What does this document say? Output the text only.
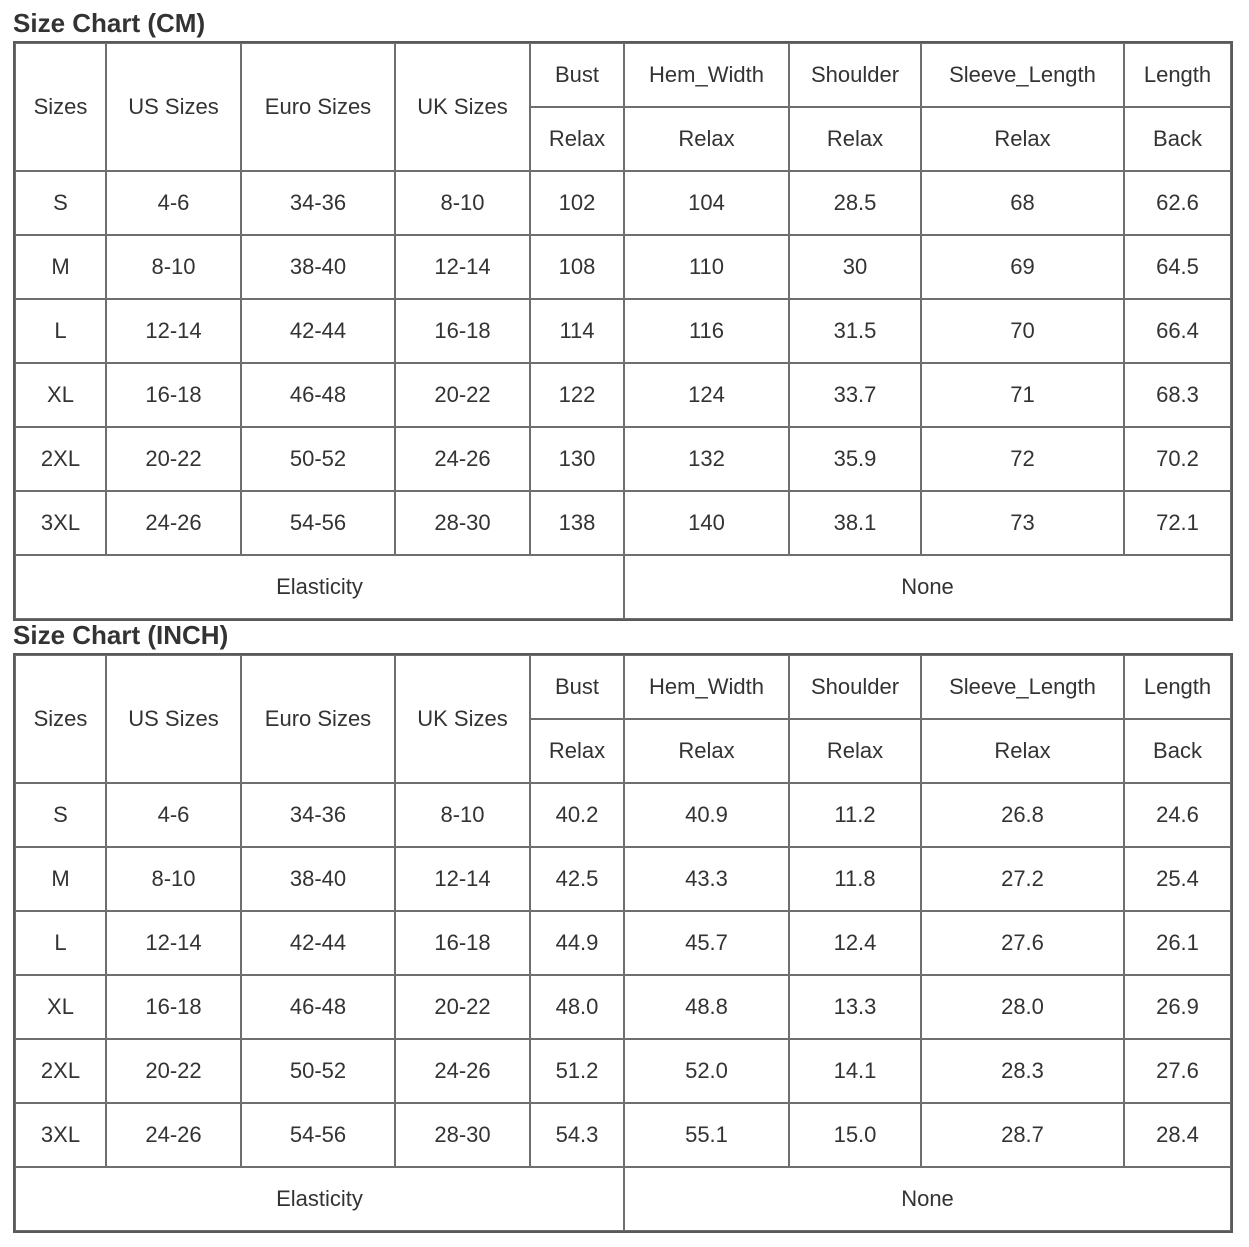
Size Chart (CM)
Sizes	US Sizes	Euro Sizes	UK Sizes	Bust	Hem_Width	Shoulder	Sleeve_Length	Length
				Relax	Relax	Relax	Relax	Back
S	4-6	34-36	8-10	102	104	28.5	68	62.6
M	8-10	38-40	12-14	108	110	30	69	64.5
L	12-14	42-44	16-18	114	116	31.5	70	66.4
XL	16-18	46-48	20-22	122	124	33.7	71	68.3
2XL	20-22	50-52	24-26	130	132	35.9	72	70.2
3XL	24-26	54-56	28-30	138	140	38.1	73	72.1
Elasticity					None			
Size Chart (INCH)
Sizes	US Sizes	Euro Sizes	UK Sizes	Bust	Hem_Width	Shoulder	Sleeve_Length	Length
				Relax	Relax	Relax	Relax	Back
S	4-6	34-36	8-10	40.2	40.9	11.2	26.8	24.6
M	8-10	38-40	12-14	42.5	43.3	11.8	27.2	25.4
L	12-14	42-44	16-18	44.9	45.7	12.4	27.6	26.1
XL	16-18	46-48	20-22	48.0	48.8	13.3	28.0	26.9
2XL	20-22	50-52	24-26	51.2	52.0	14.1	28.3	27.6
3XL	24-26	54-56	28-30	54.3	55.1	15.0	28.7	28.4
Elasticity					None			
